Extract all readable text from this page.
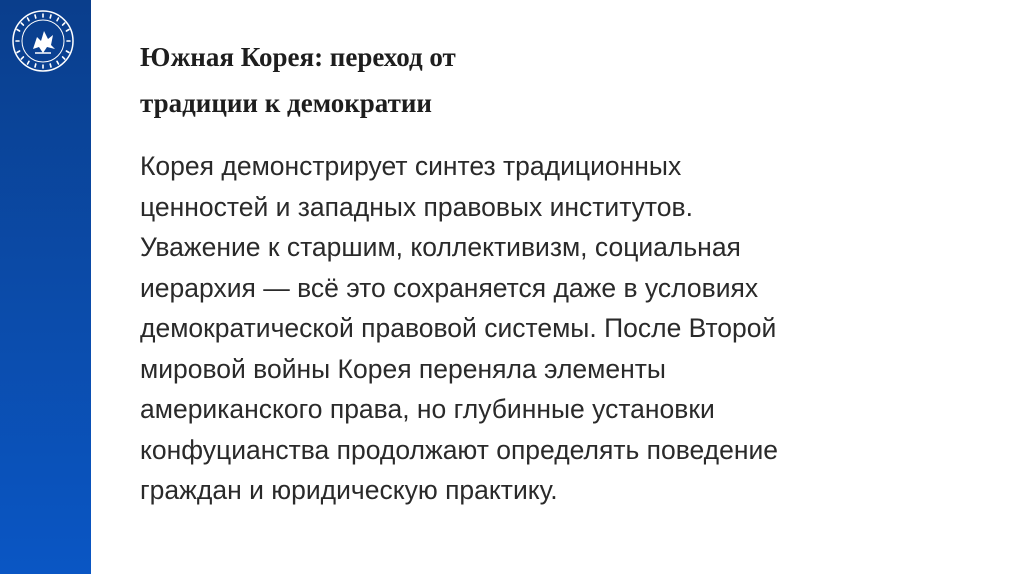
Южная Корея: переход от
традиции к демократии
Корея демонстрирует синтез традиционных
ценностей и западных правовых институтов.
Уважение к старшим, коллективизм, социальная
иерархия — всё это сохраняется даже в условиях
демократической правовой системы. После Второй
мировой войны Корея переняла элементы
американского права, но глубинные установки
конфуцианства продолжают определять поведение
граждан и юридическую практику.
